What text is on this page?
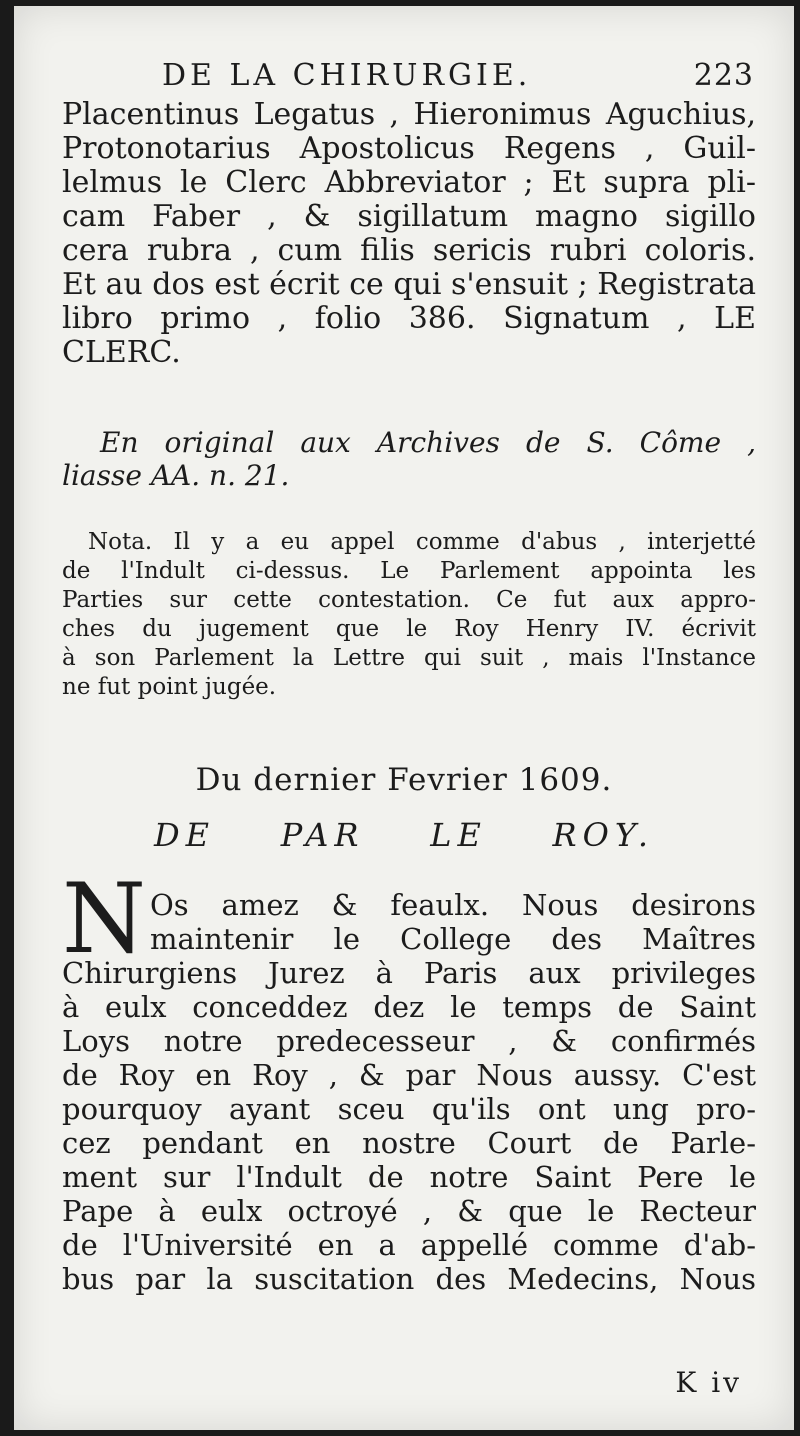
DE LA CHIRURGIE.	223
Placentinus Legatus , Hieronimus Aguchius,
Protonotarius Apostolicus Regens , Guil-
lelmus le Clerc Abbreviator ; Et supra pli-
cam Faber , & sigillatum magno sigillo
cera rubra , cum filis sericis rubri coloris.
Et au dos est écrit ce qui s'ensuit ; Registrata
libro primo , folio 386. Signatum , LE
CLERC.
En original aux Archives de S. Côme ,
liasse AA. n. 21.
Nota. Il y a eu appel comme d'abus , interjetté
de l'Indult ci-dessus. Le Parlement appointa les
Parties sur cette contestation. Ce fut aux appro-
ches du jugement que le Roy Henry IV. écrivit
à son Parlement la Lettre qui suit , mais l'Instance
ne fut point jugée.
Du dernier Fevrier 1609.
DE PAR LE ROY.
N Os amez & feaulx. Nous desirons
maintenir le College des Maîtres
Chirurgiens Jurez à Paris aux privileges
à eulx conceddez dez le temps de Saint
Loys notre predecesseur , & confirmés
de Roy en Roy , & par Nous aussy. C'est
pourquoy ayant sceu qu'ils ont ung pro-
cez pendant en nostre Court de Parle-
ment sur l'Indult de notre Saint Pere le
Pape à eulx octroyé , & que le Recteur
de l'Université en a appellé comme d'ab-
bus par la suscitation des Medecins, Nous
K iv
